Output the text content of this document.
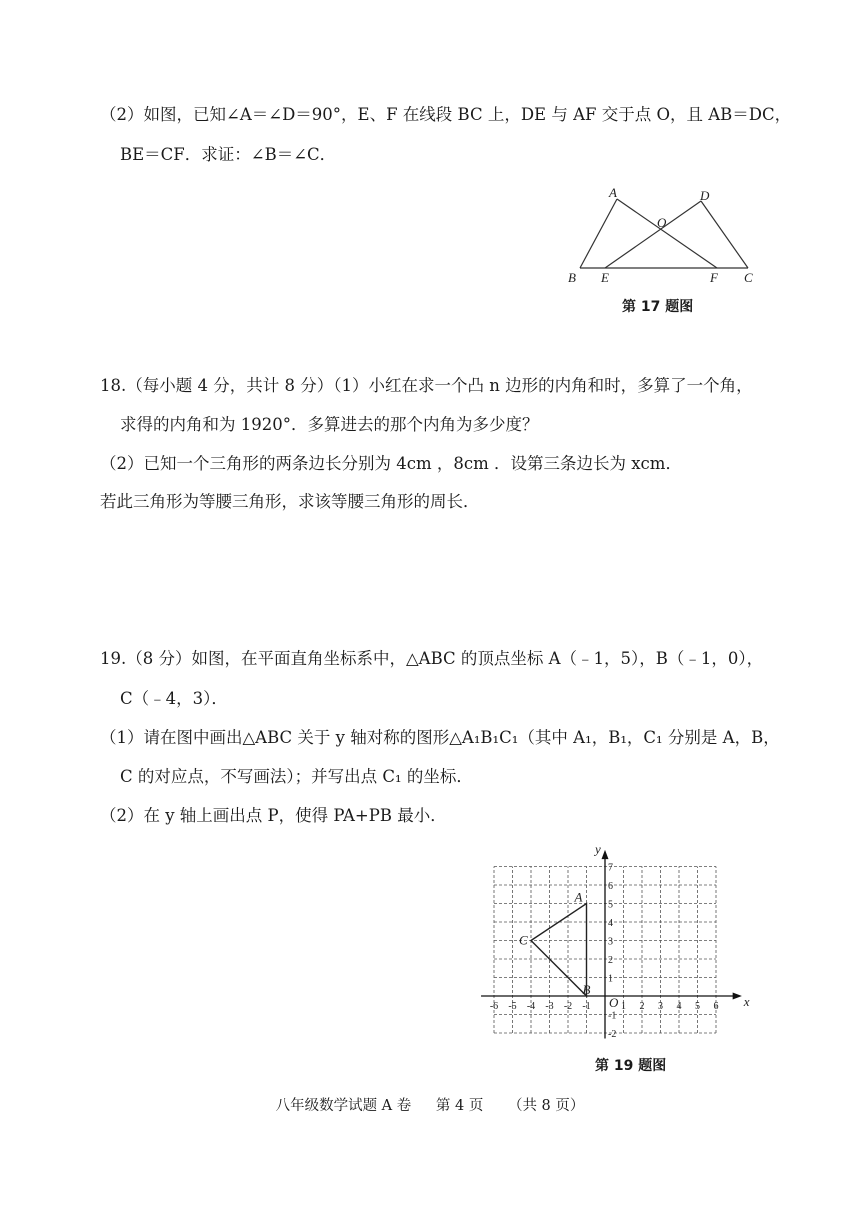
（2）如图，已知∠A＝∠D＝90°，E、F 在线段 BC 上，DE 与 AF 交于点 O，且 AB＝DC，
BE＝CF．求证：∠B＝∠C．
A	D
O
B E	F C
第 17 题图
18.（每小题 4 分，共计 8 分）（1）小红在求一个凸 n 边形的内角和时，多算了一个角，
求得的内角和为 1920°．多算进去的那个内角为多少度？
（2）已知一个三角形的两条边长分别为 4cm ，8cm ．设第三条边长为 xcm．
若此三角形为等腰三角形，求该等腰三角形的周长．
19.（8 分）如图，在平面直角坐标系中，△ABC 的顶点坐标 A（﹣1，5），B（﹣1，0），
C（﹣4，3）．
（1）请在图中画出△ABC 关于 y 轴对称的图形△A₁B₁C₁（其中 A₁，B₁，C₁ 分别是 A，B，
C 的对应点，不写画法）；并写出点 C₁ 的坐标．
（2）在 y 轴上画出点 P，使得 PA+PB 最小．
x
y
O
-6 -5 -4 -3 -2 -1	1 2 3 4 5 6
7
6
5
4
3
2
1
-1
-2
A
B
C
第 19 题图
八年级数学试题 A 卷 第 4 页 （共 8 页）
